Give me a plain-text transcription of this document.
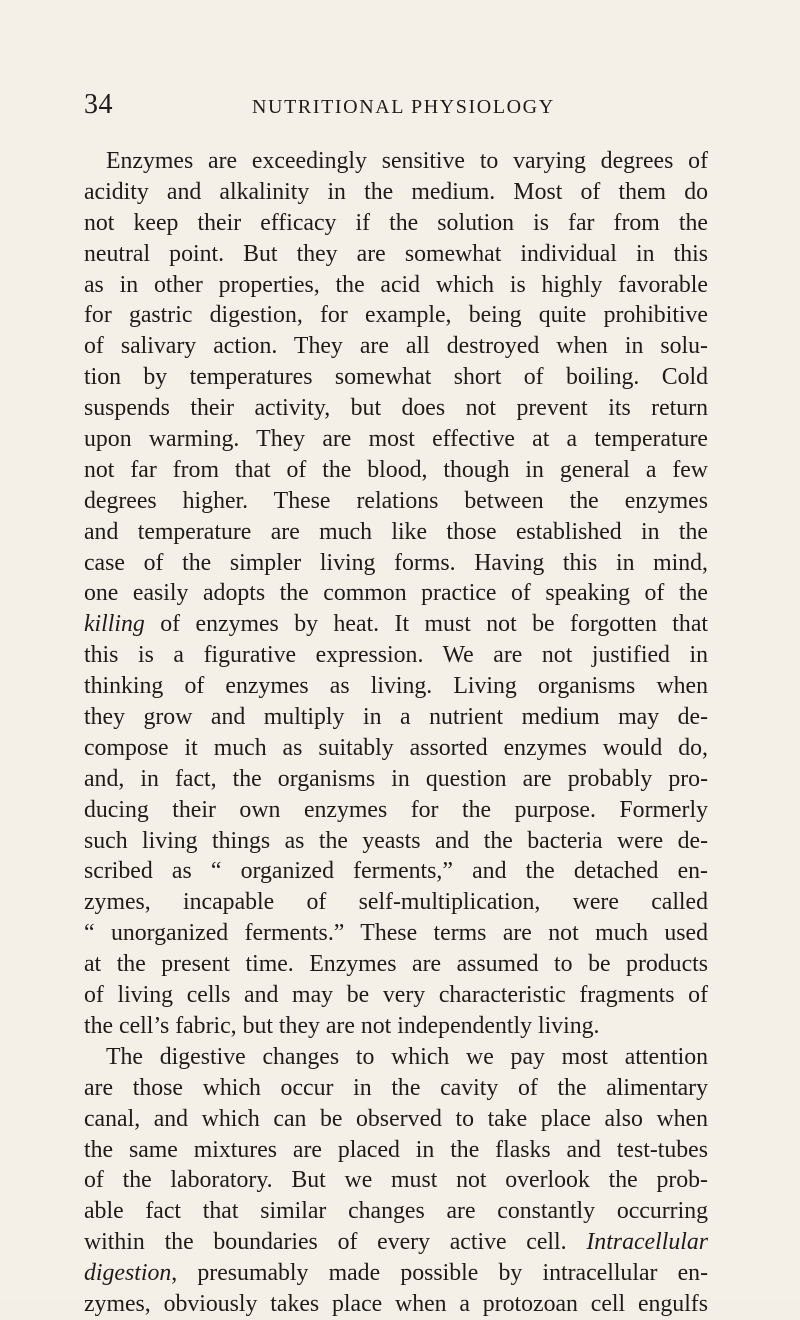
34	NUTRITIONAL PHYSIOLOGY
Enzymes are exceedingly sensitive to varying degrees of
acidity and alkalinity in the medium. Most of them do
not keep their efficacy if the solution is far from the
neutral point. But they are somewhat individual in this
as in other properties, the acid which is highly favorable
for gastric digestion, for example, being quite prohibitive
of salivary action. They are all destroyed when in solu-
tion by temperatures somewhat short of boiling. Cold
suspends their activity, but does not prevent its return
upon warming. They are most effective at a temperature
not far from that of the blood, though in general a few
degrees higher. These relations between the enzymes
and temperature are much like those established in the
case of the simpler living forms. Having this in mind,
one easily adopts the common practice of speaking of the
killing of enzymes by heat. It must not be forgotten that
this is a figurative expression. We are not justified in
thinking of enzymes as living. Living organisms when
they grow and multiply in a nutrient medium may de-
compose it much as suitably assorted enzymes would do,
and, in fact, the organisms in question are probably pro-
ducing their own enzymes for the purpose. Formerly
such living things as the yeasts and the bacteria were de-
scribed as “ organized ferments,” and the detached en-
zymes, incapable of self-multiplication, were called
“ unorganized ferments.” These terms are not much used
at the present time. Enzymes are assumed to be products
of living cells and may be very characteristic fragments of
the cell’s fabric, but they are not independently living.
The digestive changes to which we pay most attention
are those which occur in the cavity of the alimentary
canal, and which can be observed to take place also when
the same mixtures are placed in the flasks and test-tubes
of the laboratory. But we must not overlook the prob-
able fact that similar changes are constantly occurring
within the boundaries of every active cell. Intracellular
digestion, presumably made possible by intracellular en-
zymes, obviously takes place when a protozoan cell engulfs
